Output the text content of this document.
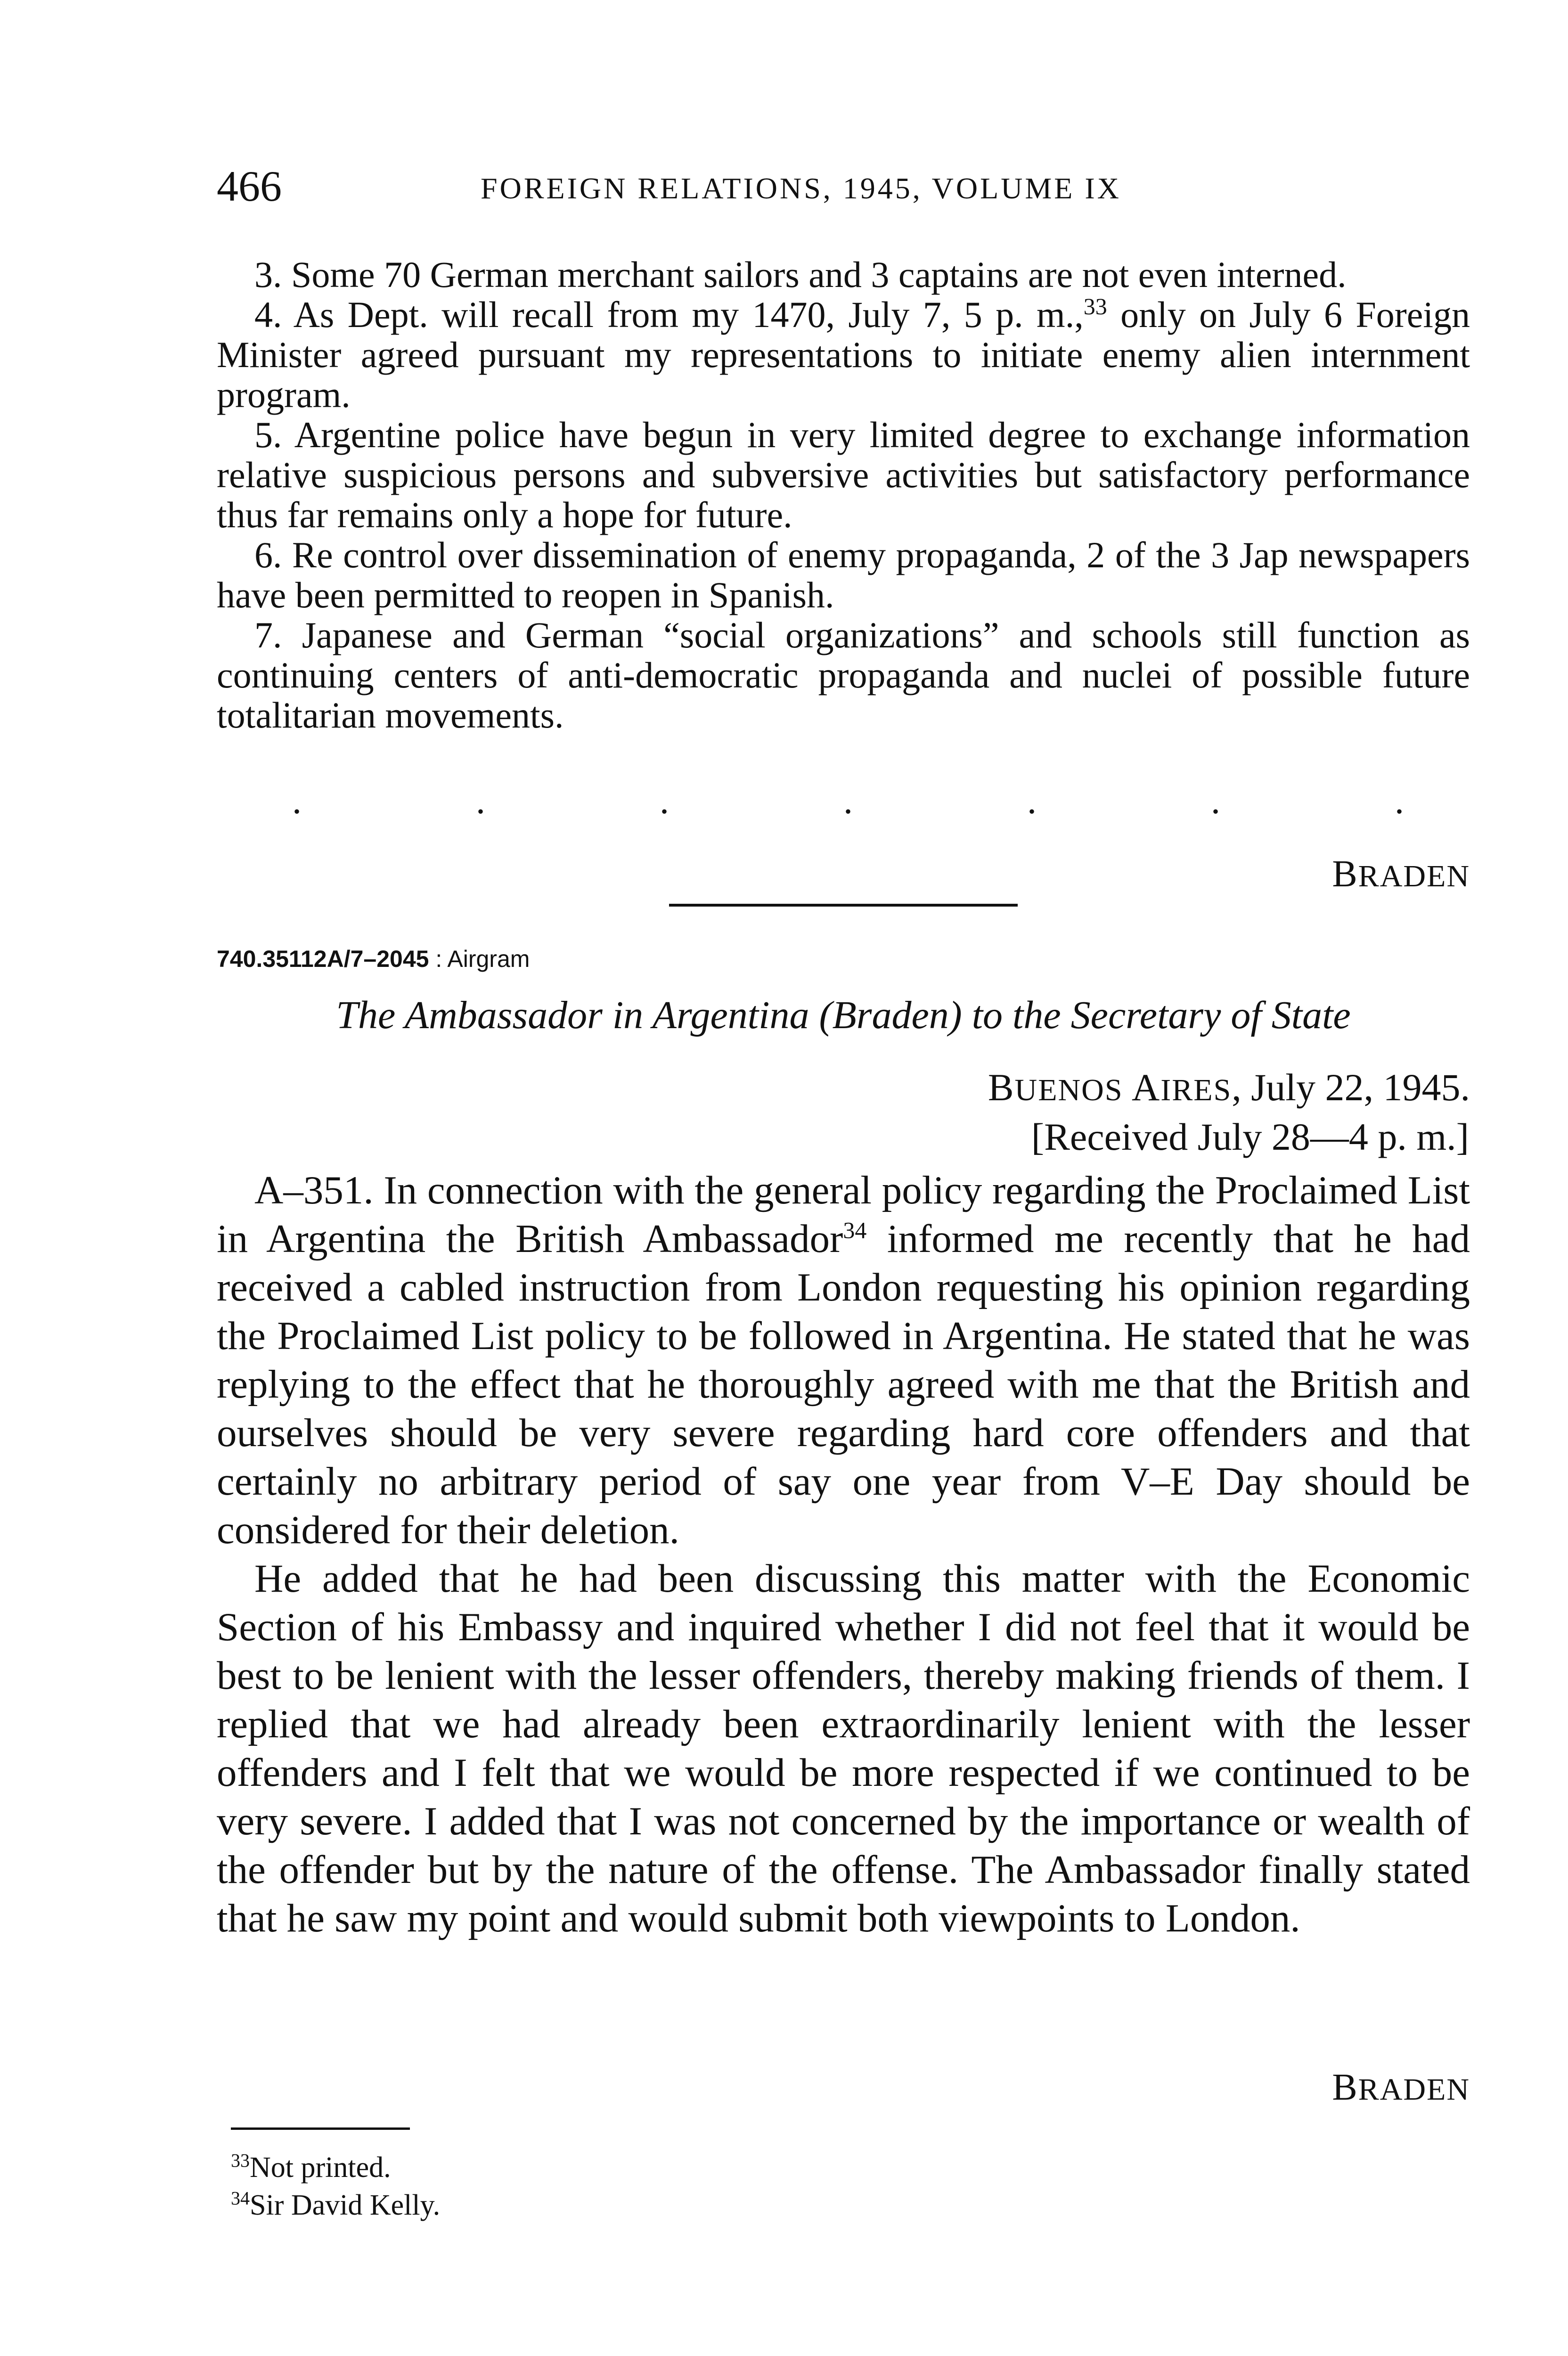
466	FOREIGN RELATIONS, 1945, VOLUME IX

3. Some 70 German merchant sailors and 3 captains are not even interned.

4. As Dept. will recall from my 1470, July 7, 5 p. m.,$^{33}$ only on July 6 Foreign Minister agreed pursuant my representations to initiate enemy alien internment program.

5. Argentine police have begun in very limited degree to exchange information relative suspicious persons and subversive activities but satisfactory performance thus far remains only a hope for future.

6. Re control over dissemination of enemy propaganda, 2 of the 3 Jap newspapers have been permitted to reopen in Spanish.

7. Japanese and German “social organizations” and schools still function as continuing centers of anti-democratic propaganda and nuclei of possible future totalitarian movements.

.	.	.	.	.	.	.
BRADEN
740.35112A/7–2045 : Airgram
The Ambassador in Argentina (Braden) to the Secretary of State
BUENOS AIRES, July 22, 1945.
[Received July 28—4 p. m.]

A–351. In connection with the general policy regarding the Proclaimed List in Argentina the British Ambassador$^{34}$ informed me recently that he had received a cabled instruction from London requesting his opinion regarding the Proclaimed List policy to be followed in Argentina. He stated that he was replying to the effect that he thoroughly agreed with me that the British and ourselves should be very severe regarding hard core offenders and that certainly no arbitrary period of say one year from V–E Day should be considered for their deletion.

He added that he had been discussing this matter with the Economic Section of his Embassy and inquired whether I did not feel that it would be best to be lenient with the lesser offenders, thereby making friends of them. I replied that we had already been extraordinarily lenient with the lesser offenders and I felt that we would be more respected if we continued to be very severe. I added that I was not concerned by the importance or wealth of the offender but by the nature of the offense. The Ambassador finally stated that he saw my point and would submit both viewpoints to London.

BRADEN

$^{33}$Not printed.

$^{34}$Sir David Kelly.
